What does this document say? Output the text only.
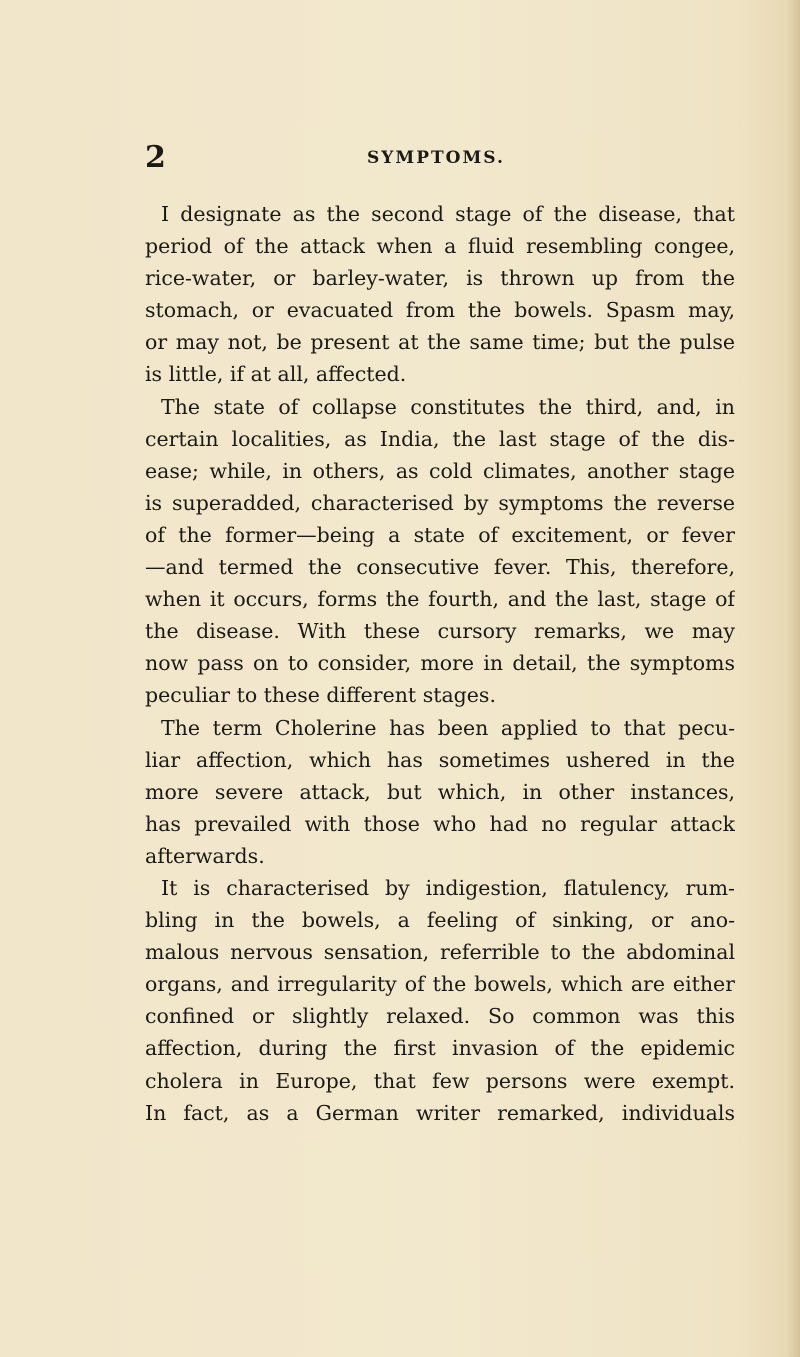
2	SYMPTOMS.
I designate as the second stage of the disease, that
period of the attack when a fluid resembling congee,
rice-water, or barley-water, is thrown up from the
stomach, or evacuated from the bowels. Spasm may,
or may not, be present at the same time; but the pulse
is little, if at all, affected.
The state of collapse constitutes the third, and, in
certain localities, as India, the last stage of the dis-
ease; while, in others, as cold climates, another stage
is superadded, characterised by symptoms the reverse
of the former—being a state of excitement, or fever
—and termed the consecutive fever. This, therefore,
when it occurs, forms the fourth, and the last, stage of
the disease. With these cursory remarks, we may
now pass on to consider, more in detail, the symptoms
peculiar to these different stages.
The term Cholerine has been applied to that pecu-
liar affection, which has sometimes ushered in the
more severe attack, but which, in other instances,
has prevailed with those who had no regular attack
afterwards.
It is characterised by indigestion, flatulency, rum-
bling in the bowels, a feeling of sinking, or ano-
malous nervous sensation, referrible to the abdominal
organs, and irregularity of the bowels, which are either
confined or slightly relaxed. So common was this
affection, during the first invasion of the epidemic
cholera in Europe, that few persons were exempt.
In fact, as a German writer remarked, individuals
